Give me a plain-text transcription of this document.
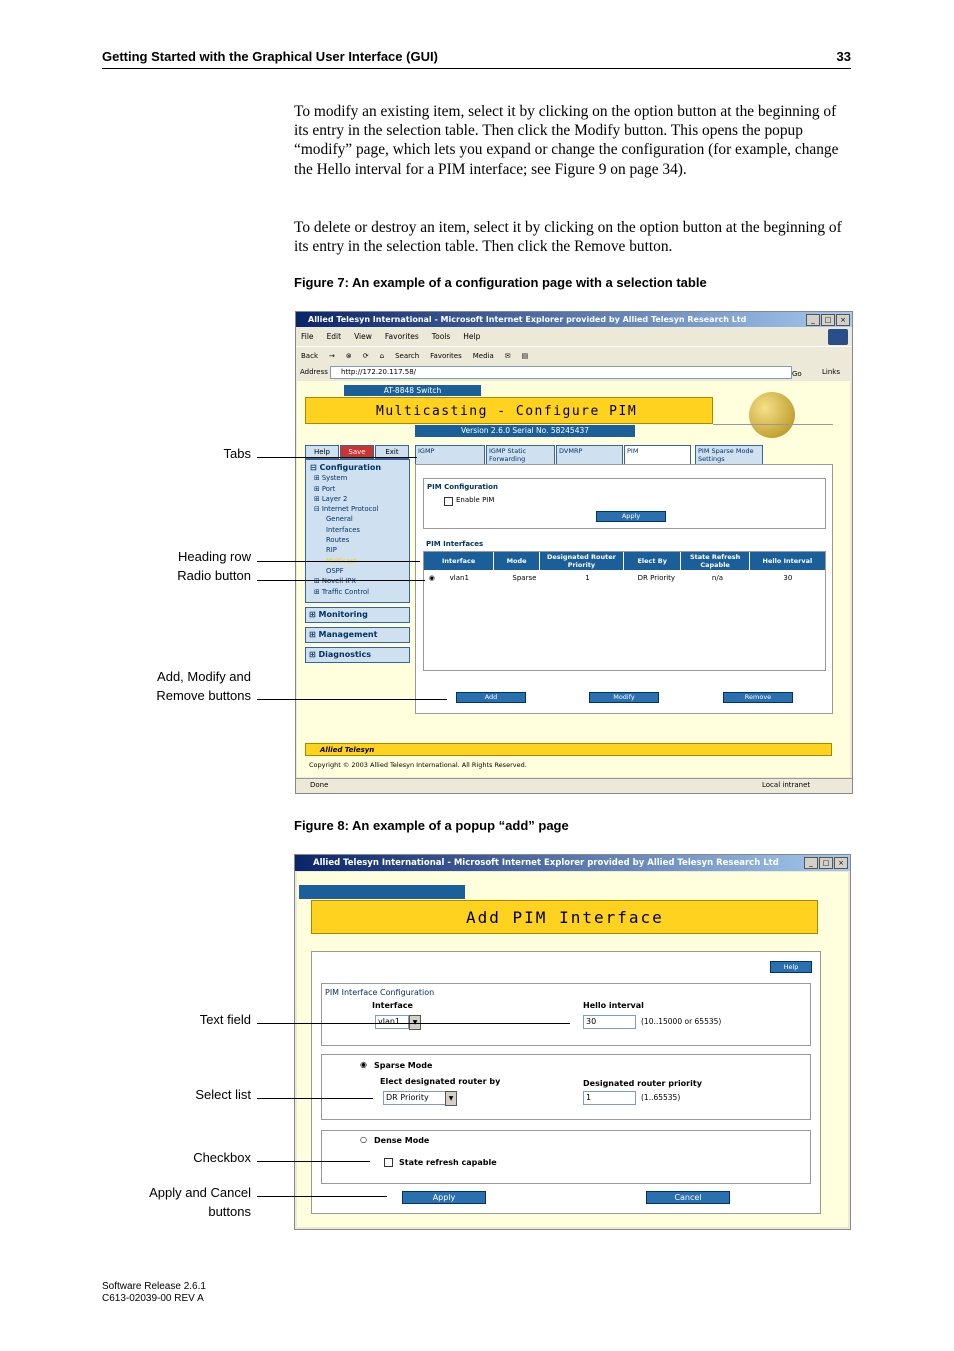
Getting Started with the Graphical User Interface (GUI)	33
To modify an existing item, select it by clicking on the option button at the beginning of its entry in the selection table. Then click the Modify button. This opens the popup “modify” page, which lets you expand or change the configuration (for example, change the Hello interval for a PIM interface; see Figure 9 on page 34).
To delete or destroy an item, select it by clicking on the option button at the beginning of its entry in the selection table. Then click the Remove button.
Figure 7: An example of a configuration page with a selection table
Allied Telesyn International - Microsoft Internet Explorer provided by Allied Telesyn Research Ltd	_	□	×
File Edit View Favorites Tools Help
Back → ⊗ ⟳ ⌂ Search Favorites Media ✉ ▤
Address	http://172.20.117.58/	Go	Links
AT-8848 Switch
Multicasting - Configure PIM
Version 2.6.0 Serial No. 58245437
Help	Save	Exit
⊟ Configuration
⊞ System
⊞ Port
⊞ Layer 2
⊟ Internet Protocol
General
Interfaces
Routes
RIP
Multicast
OSPF
⊞ Novell IPX
⊞ Traffic Control
⊞ Monitoring
⊞ Management
⊞ Diagnostics
IGMP	IGMP Static Forwarding
DVMRP	PIM	PIM Sparse Mode Settings
PIM Configuration
Enable PIM
Apply
PIM Interfaces
Interface	Mode	Designated Router Priority	Elect By	State Refresh Capable	Hello Interval
◉	vlan1	Sparse	1	DR Priority	n/a	30
Add	Modify	Remove
Allied Telesyn
Copyright © 2003 Allied Telesyn International. All Rights Reserved.
Done	Local intranet
Tabs
Heading row
Radio button
Add, Modify and
Remove buttons
Figure 8: An example of a popup “add” page
Allied Telesyn International - Microsoft Internet Explorer provided by Allied Telesyn Research Ltd	_	□	×
Add PIM Interface
Help
PIM Interface Configuration
Interface
vlan1	▼
Hello interval
30	(10..15000 or 65535)
◉ Sparse Mode
Elect designated router by
DR Priority	▼
Designated router priority
1	(1..65535)
○ Dense Mode
State refresh capable
Apply	Cancel
Text field
Select list
Checkbox
Apply and Cancel
buttons
Software Release 2.6.1
C613-02039-00 REV A
